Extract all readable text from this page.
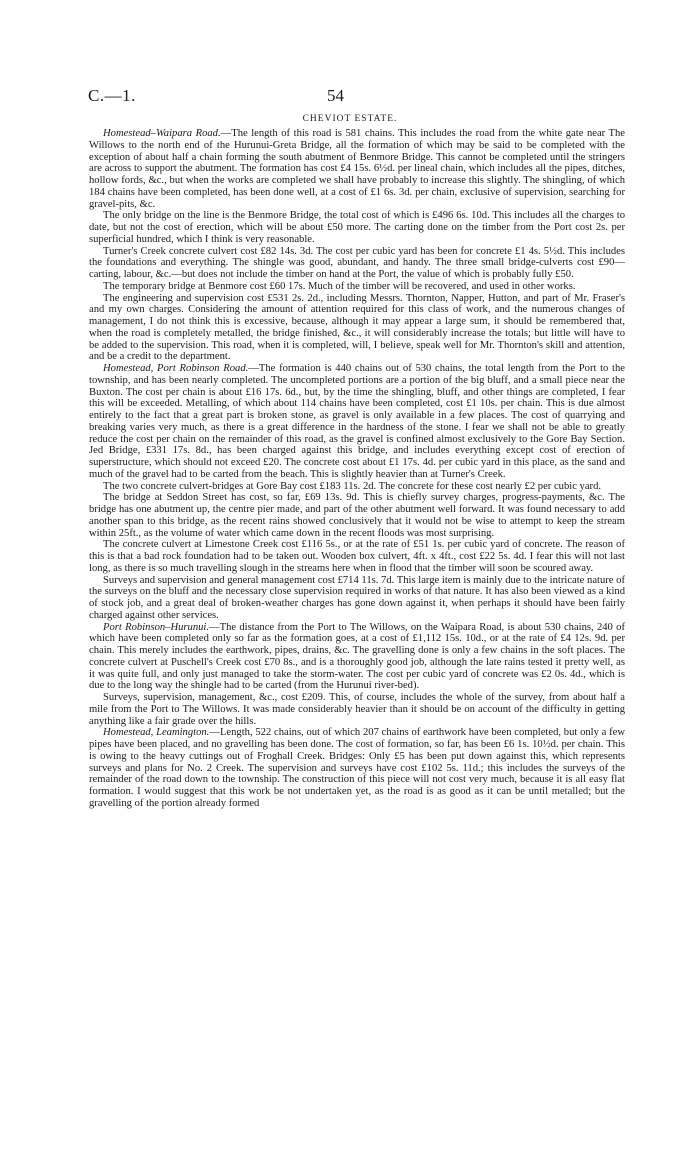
C.—1.	54
CHEVIOT ESTATE.

Homestead–Waipara Road.—The length of this road is 581 chains. This includes the road from the white gate near The Willows to the north end of the Hurunui-Greta Bridge, all the formation of which may be said to be completed with the exception of about half a chain forming the south abutment of Benmore Bridge. This cannot be completed until the stringers are across to support the abutment. The formation has cost £4 15s. 6½d. per lineal chain, which includes all the pipes, ditches, hollow fords, &c., but when the works are completed we shall have probably to increase this slightly. The shingling, of which 184 chains have been completed, has been done well, at a cost of £1 6s. 3d. per chain, exclusive of supervision, searching for gravel-pits, &c.

The only bridge on the line is the Benmore Bridge, the total cost of which is £496 6s. 10d. This includes all the charges to date, but not the cost of erection, which will be about £50 more. The carting done on the timber from the Port cost 2s. per superficial hundred, which I think is very reasonable.

Turner's Creek concrete culvert cost £82 14s. 3d. The cost per cubic yard has been for concrete £1 4s. 5½d. This includes the foundations and everything. The shingle was good, abundant, and handy. The three small bridge-culverts cost £90—carting, labour, &c.—but does not include the timber on hand at the Port, the value of which is probably fully £50.

The temporary bridge at Benmore cost £60 17s. Much of the timber will be recovered, and used in other works.

The engineering and supervision cost £531 2s. 2d., including Messrs. Thornton, Napper, Hutton, and part of Mr. Fraser's and my own charges. Considering the amount of attention required for this class of work, and the numerous changes of management, I do not think this is excessive, because, although it may appear a large sum, it should be remembered that, when the road is completely metalled, the bridge finished, &c., it will considerably increase the totals; but little will have to be added to the supervision. This road, when it is completed, will, I believe, speak well for Mr. Thornton's skill and attention, and be a credit to the department.

Homestead, Port Robinson Road.—The formation is 440 chains out of 530 chains, the total length from the Port to the township, and has been nearly completed. The uncompleted portions are a portion of the big bluff, and a small piece near the Buxton. The cost per chain is about £16 17s. 6d., but, by the time the shingling, bluff, and other things are completed, I fear this will be exceeded. Metalling, of which about 114 chains have been completed, cost £1 10s. per chain. This is due almost entirely to the fact that a great part is broken stone, as gravel is only available in a few places. The cost of quarrying and breaking varies very much, as there is a great difference in the hardness of the stone. I fear we shall not be able to greatly reduce the cost per chain on the remainder of this road, as the gravel is confined almost exclusively to the Gore Bay Section. Jed Bridge, £331 17s. 8d., has been charged against this bridge, and includes everything except cost of erection of superstructure, which should not exceed £20. The concrete cost about £1 17s. 4d. per cubic yard in this place, as the sand and much of the gravel had to be carted from the beach. This is slightly heavier than at Turner's Creek.

The two concrete culvert-bridges at Gore Bay cost £183 11s. 2d. The concrete for these cost nearly £2 per cubic yard.

The bridge at Seddon Street has cost, so far, £69 13s. 9d. This is chiefly survey charges, progress-payments, &c. The bridge has one abutment up, the centre pier made, and part of the other abutment well forward. It was found necessary to add another span to this bridge, as the recent rains showed conclusively that it would not be wise to attempt to keep the stream within 25ft., as the volume of water which came down in the recent floods was most surprising.

The concrete culvert at Limestone Creek cost £116 5s., or at the rate of £51 1s. per cubic yard of concrete. The reason of this is that a bad rock foundation had to be taken out. Wooden box culvert, 4ft. x 4ft., cost £22 5s. 4d. I fear this will not last long, as there is so much travelling slough in the streams here when in flood that the timber will soon be scoured away.

Surveys and supervision and general management cost £714 11s. 7d. This large item is mainly due to the intricate nature of the surveys on the bluff and the necessary close supervision required in works of that nature. It has also been viewed as a kind of stock job, and a great deal of broken-weather charges has gone down against it, when perhaps it should have been fairly charged against other services.

Port Robinson–Hurunui.—The distance from the Port to The Willows, on the Waipara Road, is about 530 chains, 240 of which have been completed only so far as the formation goes, at a cost of £1,112 15s. 10d., or at the rate of £4 12s. 9d. per chain. This merely includes the earthwork, pipes, drains, &c. The gravelling done is only a few chains in the soft places. The concrete culvert at Puschell's Creek cost £70 8s., and is a thoroughly good job, although the late rains tested it pretty well, as it was quite full, and only just managed to take the storm-water. The cost per cubic yard of concrete was £2 0s. 4d., which is due to the long way the shingle had to be carted (from the Hurunui river-bed).

Surveys, supervision, management, &c., cost £209. This, of course, includes the whole of the survey, from about half a mile from the Port to The Willows. It was made considerably heavier than it should be on account of the difficulty in getting anything like a fair grade over the hills.

Homestead, Leamington.—Length, 522 chains, out of which 207 chains of earthwork have been completed, but only a few pipes have been placed, and no gravelling has been done. The cost of formation, so far, has been £6 1s. 10½d. per chain. This is owing to the heavy cuttings out of Froghall Creek. Bridges: Only £5 has been put down against this, which represents surveys and plans for No. 2 Creek. The supervision and surveys have cost £102 5s. 11d.; this includes the surveys of the remainder of the road down to the township. The construction of this piece will not cost very much, because it is all easy flat formation. I would suggest that this work be not undertaken yet, as the road is as good as it can be until metalled; but the gravelling of the portion already formed
